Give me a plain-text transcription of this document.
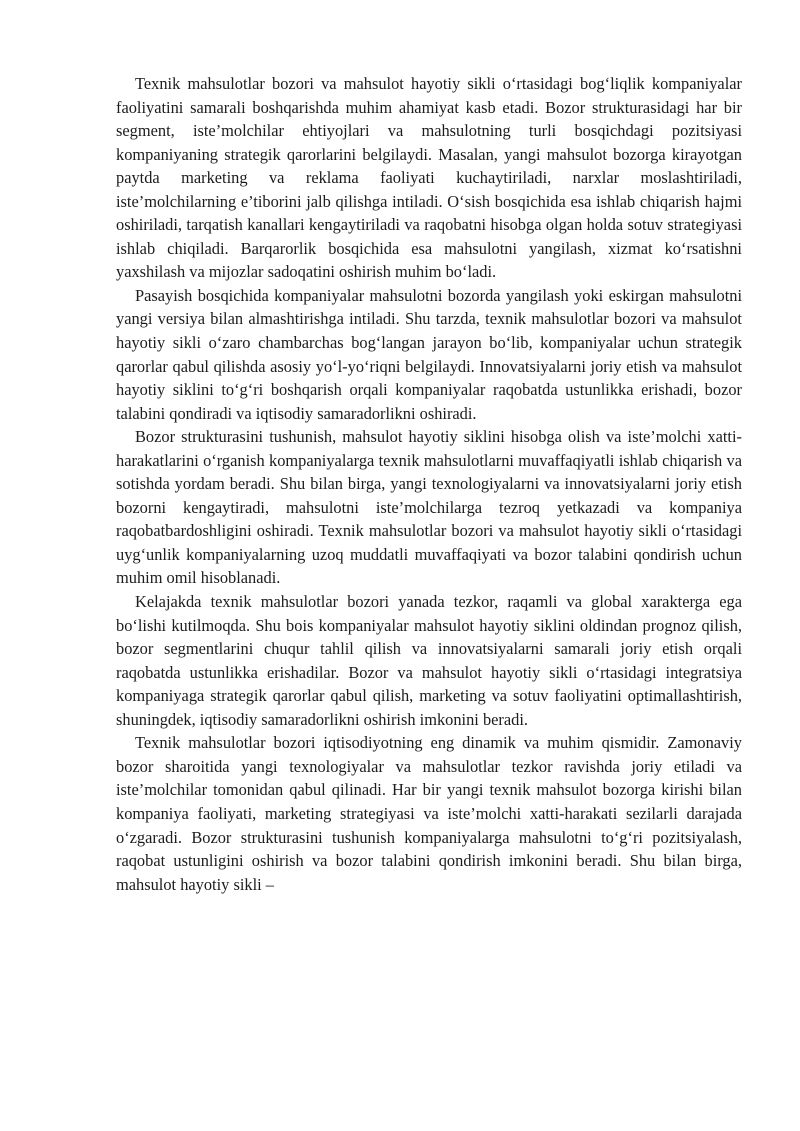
Texnik mahsulotlar bozori va mahsulot hayotiy sikli o‘rtasidagi bog‘liqlik kompaniyalar faoliyatini samarali boshqarishda muhim ahamiyat kasb etadi. Bozor strukturasidagi har bir segment, iste’molchilar ehtiyojlari va mahsulotning turli bosqichdagi pozitsiyasi kompaniyaning strategik qarorlarini belgilaydi. Masalan, yangi mahsulot bozorga kirayotgan paytda marketing va reklama faoliyati kuchaytiriladi, narxlar moslashtiriladi, iste’molchilarning e’tiborini jalb qilishga intiladi. O‘sish bosqichida esa ishlab chiqarish hajmi oshiriladi, tarqatish kanallari kengaytiriladi va raqobatni hisobga olgan holda sotuv strategiyasi ishlab chiqiladi. Barqarorlik bosqichida esa mahsulotni yangilash, xizmat ko‘rsatishni yaxshilash va mijozlar sadoqatini oshirish muhim bo‘ladi.

Pasayish bosqichida kompaniyalar mahsulotni bozorda yangilash yoki eskirgan mahsulotni yangi versiya bilan almashtirishga intiladi. Shu tarzda, texnik mahsulotlar bozori va mahsulot hayotiy sikli o‘zaro chambarchas bog‘langan jarayon bo‘lib, kompaniyalar uchun strategik qarorlar qabul qilishda asosiy yo‘l-yo‘riqni belgilaydi. Innovatsiyalarni joriy etish va mahsulot hayotiy siklini to‘g‘ri boshqarish orqali kompaniyalar raqobatda ustunlikka erishadi, bozor talabini qondiradi va iqtisodiy samaradorlikni oshiradi.

Bozor strukturasini tushunish, mahsulot hayotiy siklini hisobga olish va iste’molchi xatti-harakatlarini o‘rganish kompaniyalarga texnik mahsulotlarni muvaffaqiyatli ishlab chiqarish va sotishda yordam beradi. Shu bilan birga, yangi texnologiyalarni va innovatsiyalarni joriy etish bozorni kengaytiradi, mahsulotni iste’molchilarga tezroq yetkazadi va kompaniya raqobatbardoshligini oshiradi. Texnik mahsulotlar bozori va mahsulot hayotiy sikli o‘rtasidagi uyg‘unlik kompaniyalarning uzoq muddatli muvaffaqiyati va bozor talabini qondirish uchun muhim omil hisoblanadi.

Kelajakda texnik mahsulotlar bozori yanada tezkor, raqamli va global xarakterga ega bo‘lishi kutilmoqda. Shu bois kompaniyalar mahsulot hayotiy siklini oldindan prognoz qilish, bozor segmentlarini chuqur tahlil qilish va innovatsiyalarni samarali joriy etish orqali raqobatda ustunlikka erishadilar. Bozor va mahsulot hayotiy sikli o‘rtasidagi integratsiya kompaniyaga strategik qarorlar qabul qilish, marketing va sotuv faoliyatini optimallashtirish, shuningdek, iqtisodiy samaradorlikni oshirish imkonini beradi.

Texnik mahsulotlar bozori iqtisodiyotning eng dinamik va muhim qismidir. Zamonaviy bozor sharoitida yangi texnologiyalar va mahsulotlar tezkor ravishda joriy etiladi va iste’molchilar tomonidan qabul qilinadi. Har bir yangi texnik mahsulot bozorga kirishi bilan kompaniya faoliyati, marketing strategiyasi va iste’molchi xatti-harakati sezilarli darajada o‘zgaradi. Bozor strukturasini tushunish kompaniyalarga mahsulotni to‘g‘ri pozitsiyalash, raqobat ustunligini oshirish va bozor talabini qondirish imkonini beradi. Shu bilan birga, mahsulot hayotiy sikli –
